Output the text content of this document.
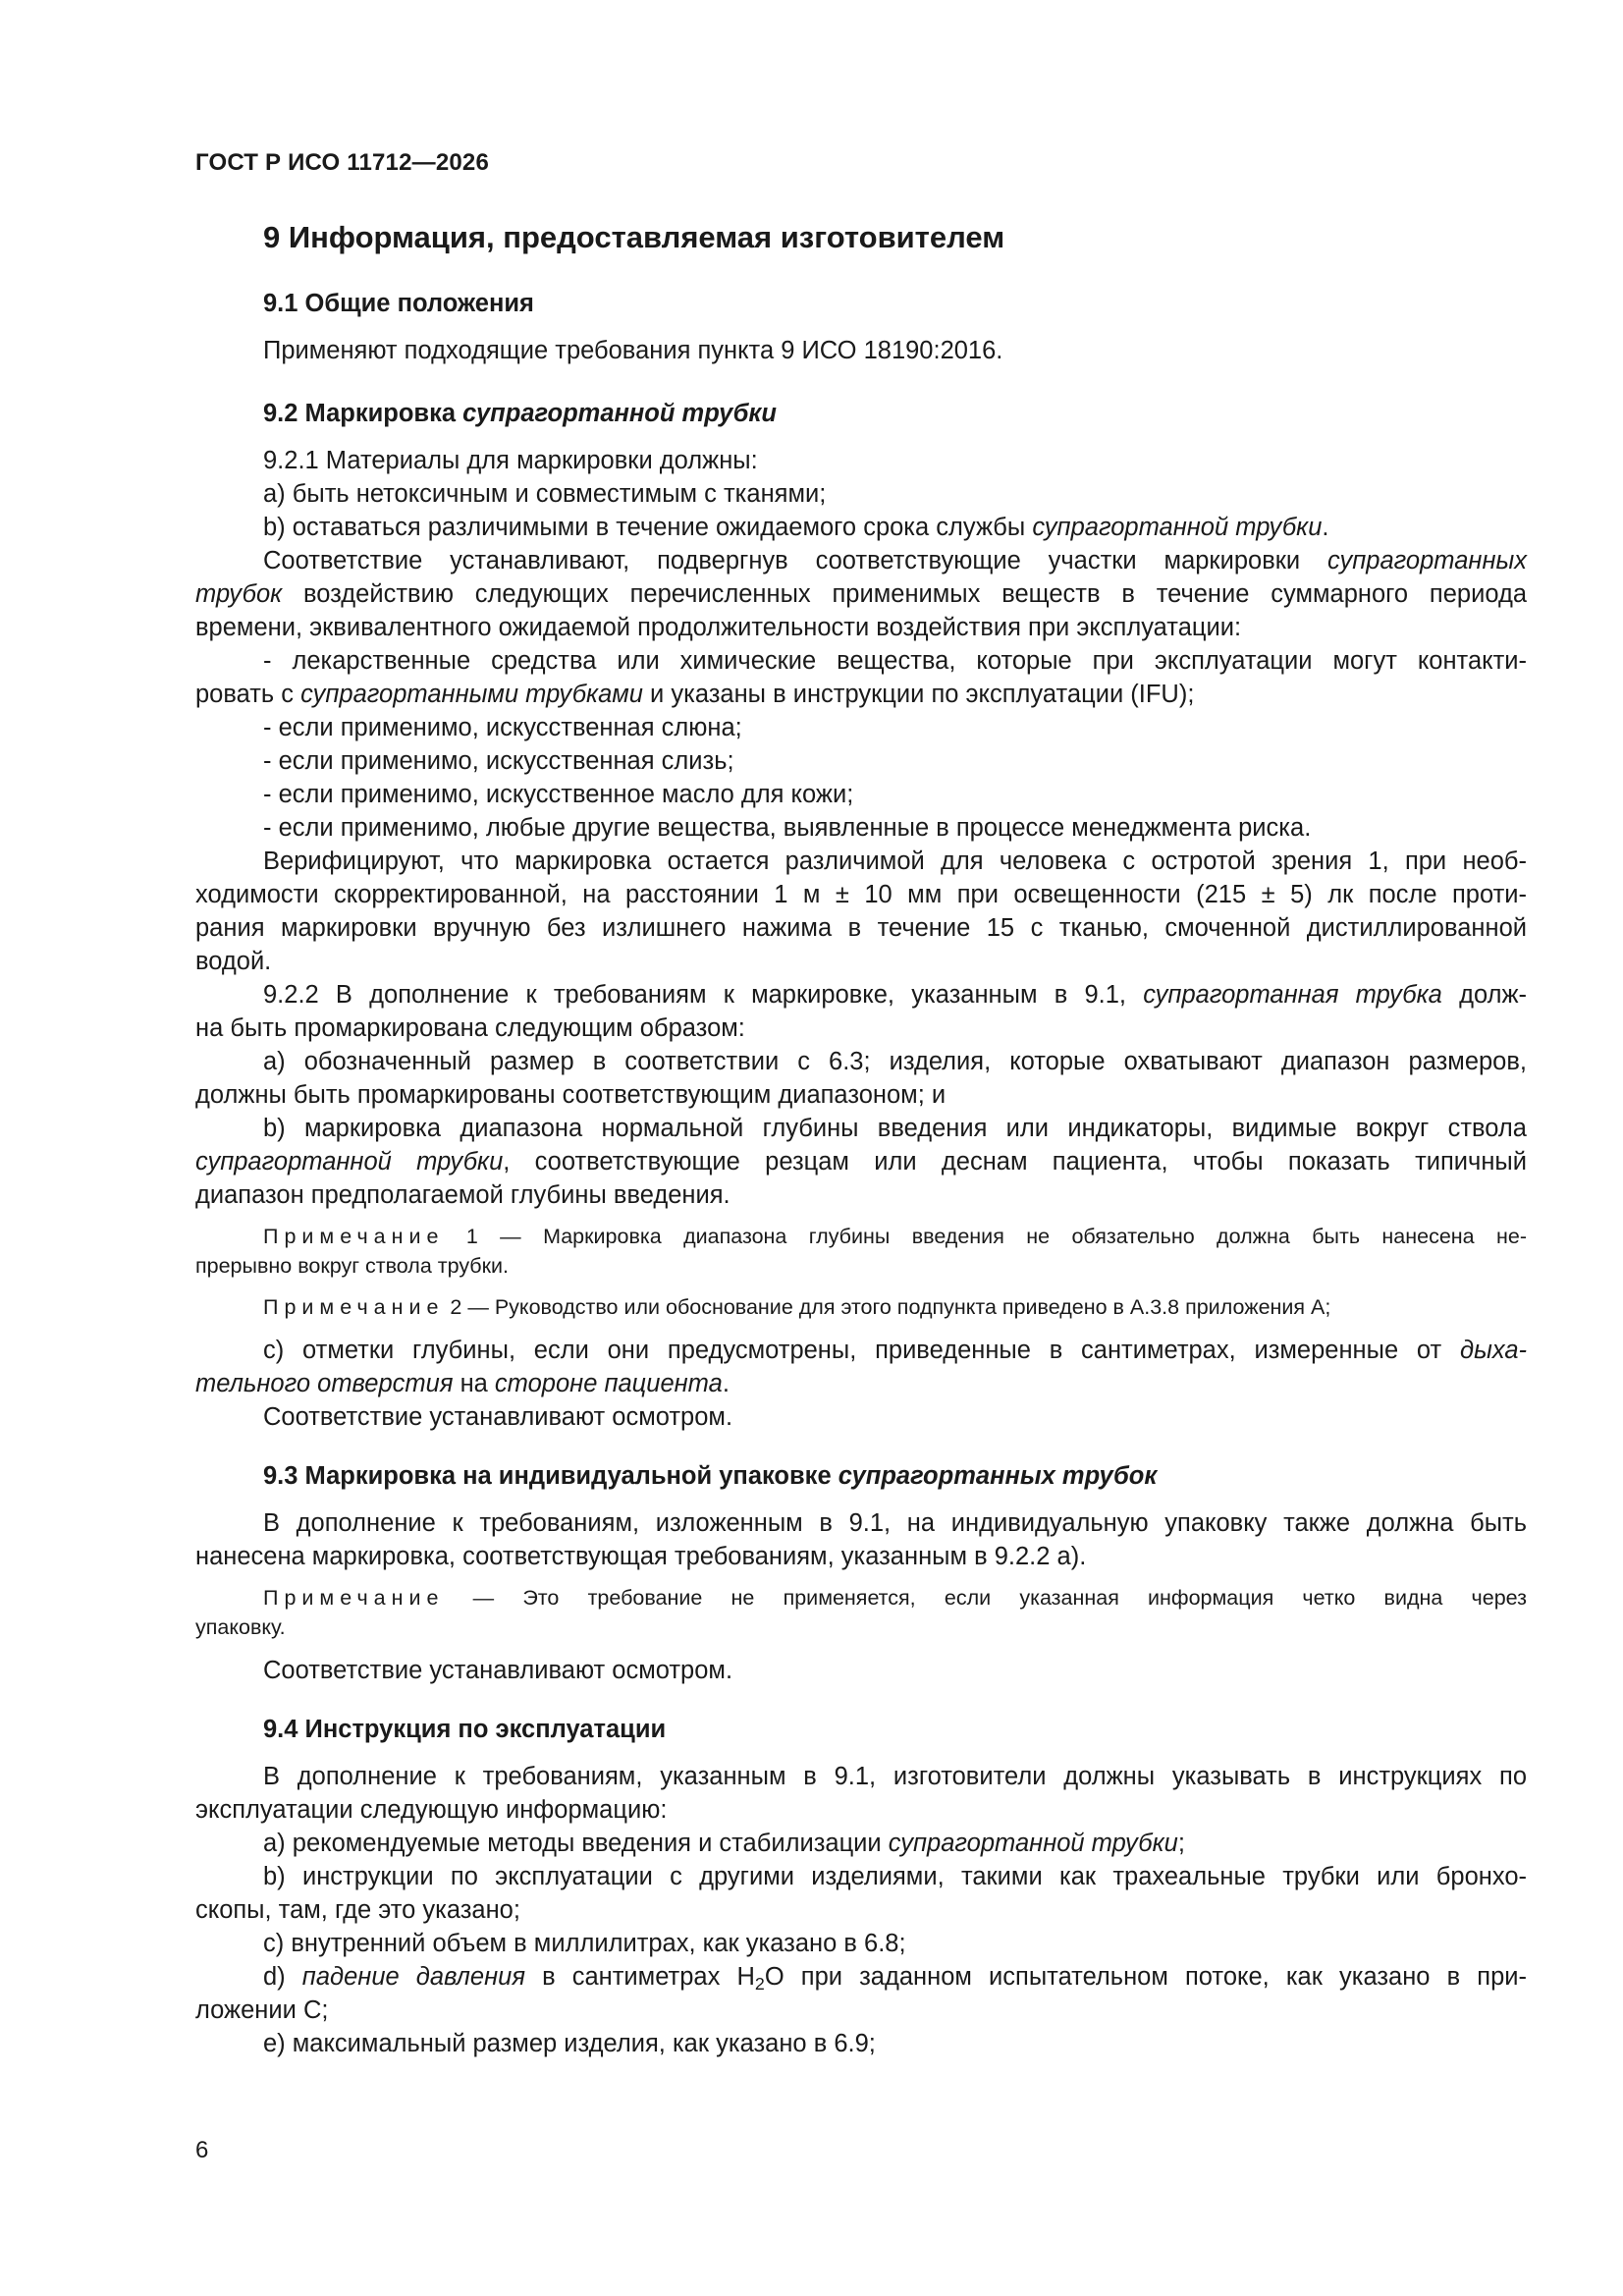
ГОСТ Р ИСО 11712—2026
9 Информация, предоставляемая изготовителем
9.1 Общие положения
Применяют подходящие требования пункта 9 ИСО 18190:2016.
9.2 Маркировка супрагортанной трубки
9.2.1 Материалы для маркировки должны:
a) быть нетоксичным и совместимым с тканями;
b) оставаться различимыми в течение ожидаемого срока службы супрагортанной трубки.
Соответствие устанавливают, подвергнув соответствующие участки маркировки супрагортанных
трубок воздействию следующих перечисленных применимых веществ в течение суммарного периода
времени, эквивалентного ожидаемой продолжительности воздействия при эксплуатации:
- лекарственные средства или химические вещества, которые при эксплуатации могут контакти-
ровать с супрагортанными трубками и указаны в инструкции по эксплуатации (IFU);
- если применимо, искусственная слюна;
- если применимо, искусственная слизь;
- если применимо, искусственное масло для кожи;
- если применимо, любые другие вещества, выявленные в процессе менеджмента риска.
Верифицируют, что маркировка остается различимой для человека с остротой зрения 1, при необ-
ходимости скорректированной, на расстоянии 1 м ± 10 мм при освещенности (215 ± 5) лк после проти-
рания маркировки вручную без излишнего нажима в течение 15 с тканью, смоченной дистиллированной
водой.
9.2.2 В дополнение к требованиям к маркировке, указанным в 9.1, супрагортанная трубка долж-
на быть промаркирована следующим образом:
a) обозначенный размер в соответствии с 6.3; изделия, которые охватывают диапазон размеров,
должны быть промаркированы соответствующим диапазоном; и
b) маркировка диапазона нормальной глубины введения или индикаторы, видимые вокруг ствола
супрагортанной трубки, соответствующие резцам или деснам пациента, чтобы показать типичный
диапазон предполагаемой глубины введения.
Примечание 1 — Маркировка диапазона глубины введения не обязательно должна быть нанесена не-
прерывно вокруг ствола трубки.
Примечание 2 — Руководство или обоснование для этого подпункта приведено в А.3.8 приложения А;
c) отметки глубины, если они предусмотрены, приведенные в сантиметрах, измеренные от дыха-
тельного отверстия на стороне пациента.
Соответствие устанавливают осмотром.
9.3 Маркировка на индивидуальной упаковке супрагортанных трубок
В дополнение к требованиям, изложенным в 9.1, на индивидуальную упаковку также должна быть
нанесена маркировка, соответствующая требованиям, указанным в 9.2.2 а).
Примечание — Это требование не применяется, если указанная информация четко видна через
упаковку.
Соответствие устанавливают осмотром.
9.4 Инструкция по эксплуатации
В дополнение к требованиям, указанным в 9.1, изготовители должны указывать в инструкциях по
эксплуатации следующую информацию:
a) рекомендуемые методы введения и стабилизации супрагортанной трубки;
b) инструкции по эксплуатации с другими изделиями, такими как трахеальные трубки или бронхо-
скопы, там, где это указано;
c) внутренний объем в миллилитрах, как указано в 6.8;
d) падение давления в сантиметрах $H_2O$ при заданном испытательном потоке, как указано в при-
ложении С;
e) максимальный размер изделия, как указано в 6.9;
6
